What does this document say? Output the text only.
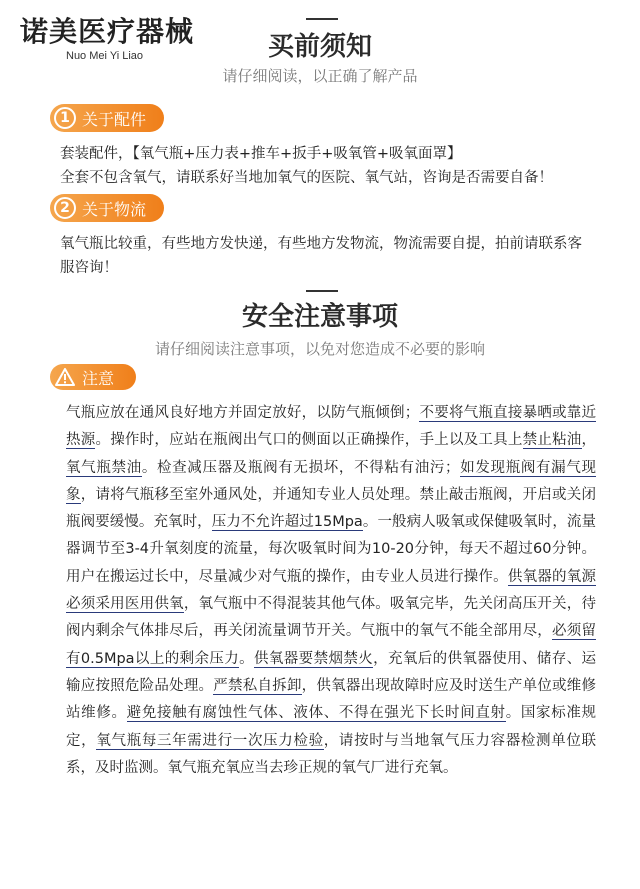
诺美医疗器械
Nuo Mei Yi Liao	买前须知
请仔细阅读，以正确了解产品
1 关于配件
套装配件，【氧气瓶+压力表+推车+扳手+吸氧管+吸氧面罩】
全套不包含氧气，请联系好当地加氧气的医院、氧气站，咨询是否需要自备！
2 关于物流
氧气瓶比较重，有些地方发快递，有些地方发物流，物流需要自提，拍前请联系客服咨询！
安全注意事项
请仔细阅读注意事项，以免对您造成不必要的影响
注意
气瓶应放在通风良好地方并固定放好，以防气瓶倾倒；不要将气瓶直接暴晒或靠近热源。操作时，应站在瓶阀出气口的侧面以正确操作，手上以及工具上禁止粘油，氧气瓶禁油。检查减压器及瓶阀有无损坏，不得粘有油污；如发现瓶阀有漏气现象，请将气瓶移至室外通风处，并通知专业人员处理。禁止敲击瓶阀，开启或关闭瓶阀要缓慢。充氧时，压力不允许超过15Mpa。一般病人吸氧或保健吸氧时，流量器调节至3-4升氧刻度的流量，每次吸氧时间为10-20分钟，每天不超过60分钟。用户在搬运过长中，尽量减少对气瓶的操作，由专业人员进行操作。供氧器的氧源必须采用医用供氧，氧气瓶中不得混装其他气体。吸氧完毕，先关闭高压开关，待阀内剩余气体排尽后，再关闭流量调节开关。气瓶中的氧气不能全部用尽，必须留有0.5Mpa以上的剩余压力。供氧器要禁烟禁火，充氧后的供氧器使用、储存、运输应按照危险品处理。严禁私自拆卸，供氧器出现故障时应及时送生产单位或维修站维修。避免接触有腐蚀性气体、液体、不得在强光下长时间直射。国家标准规定，氧气瓶每三年需进行一次压力检验，请按时与当地氧气压力容器检测单位联系，及时监测。氧气瓶充氧应当去珍正规的氧气厂进行充氧。
